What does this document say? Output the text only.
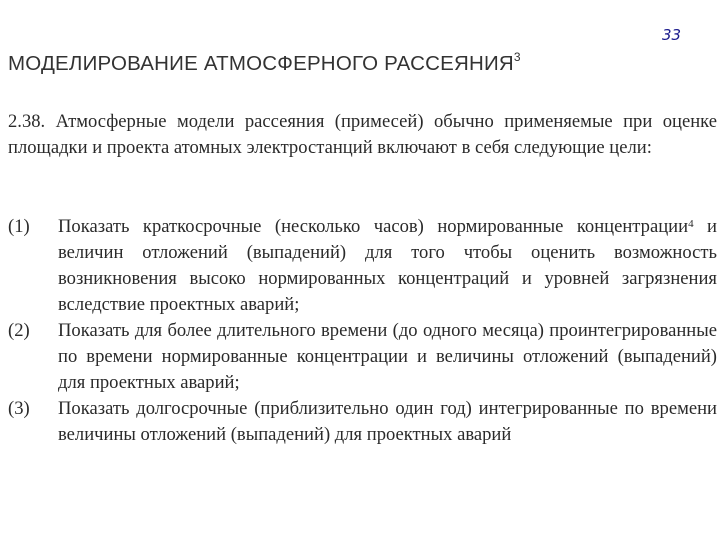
33
МОДЕЛИРОВАНИЕ АТМОСФЕРНОГО РАССЕЯНИЯ$^3$
2.38. Атмосферные модели рассеяния (примесей) обычно применяемые при оценке площадки и проекта атомных электростанций включают в себя следующие цели:
(1)	Показать краткосрочные (несколько часов) нормированные концентрации$^4$ и величин отложений (выпадений) для того чтобы оценить возможность возникновения высоко нормированных концентраций и уровней загрязнения вследствие проектных аварий;
(2)	Показать для более длительного времени (до одного месяца) проинтегрированные по времени нормированные концентрации и величины отложений (выпадений) для проектных аварий;
(3)	Показать долгосрочные (приблизительно один год) интегрированные по времени величины отложений (выпадений) для проектных аварий
